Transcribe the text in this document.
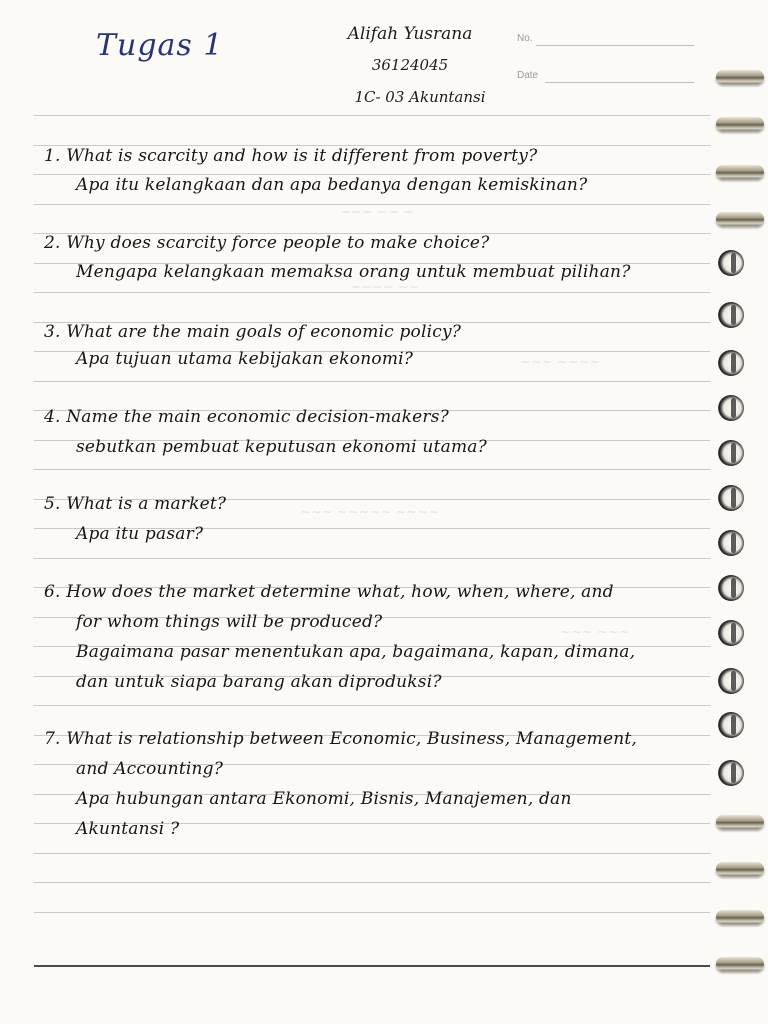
Tugas 1	Alifah Yusrana
36124045
1C- 03 Akuntansi
No.
Date
~~~ ~~ ~
~~~~ ~~
~~~ ~~~~
~~~ ~~~~~ ~~~~
~~~ ~~~
1. What is scarcity and how is it different from poverty?
Apa itu kelangkaan dan apa bedanya dengan kemiskinan?
2. Why does scarcity force people to make choice?
Mengapa kelangkaan memaksa orang untuk membuat pilihan?
3. What are the main goals of economic policy?
Apa tujuan utama kebijakan ekonomi?
4. Name the main economic decision-makers?
sebutkan pembuat keputusan ekonomi utama?
5. What is a market?
Apa itu pasar?
6. How does the market determine what, how, when, where, and
for whom things will be produced?
Bagaimana pasar menentukan apa, bagaimana, kapan, dimana,
dan untuk siapa barang akan diproduksi?
7. What is relationship between Economic, Business, Management,
and Accounting?
Apa hubungan antara Ekonomi, Bisnis, Manajemen, dan
Akuntansi ?
